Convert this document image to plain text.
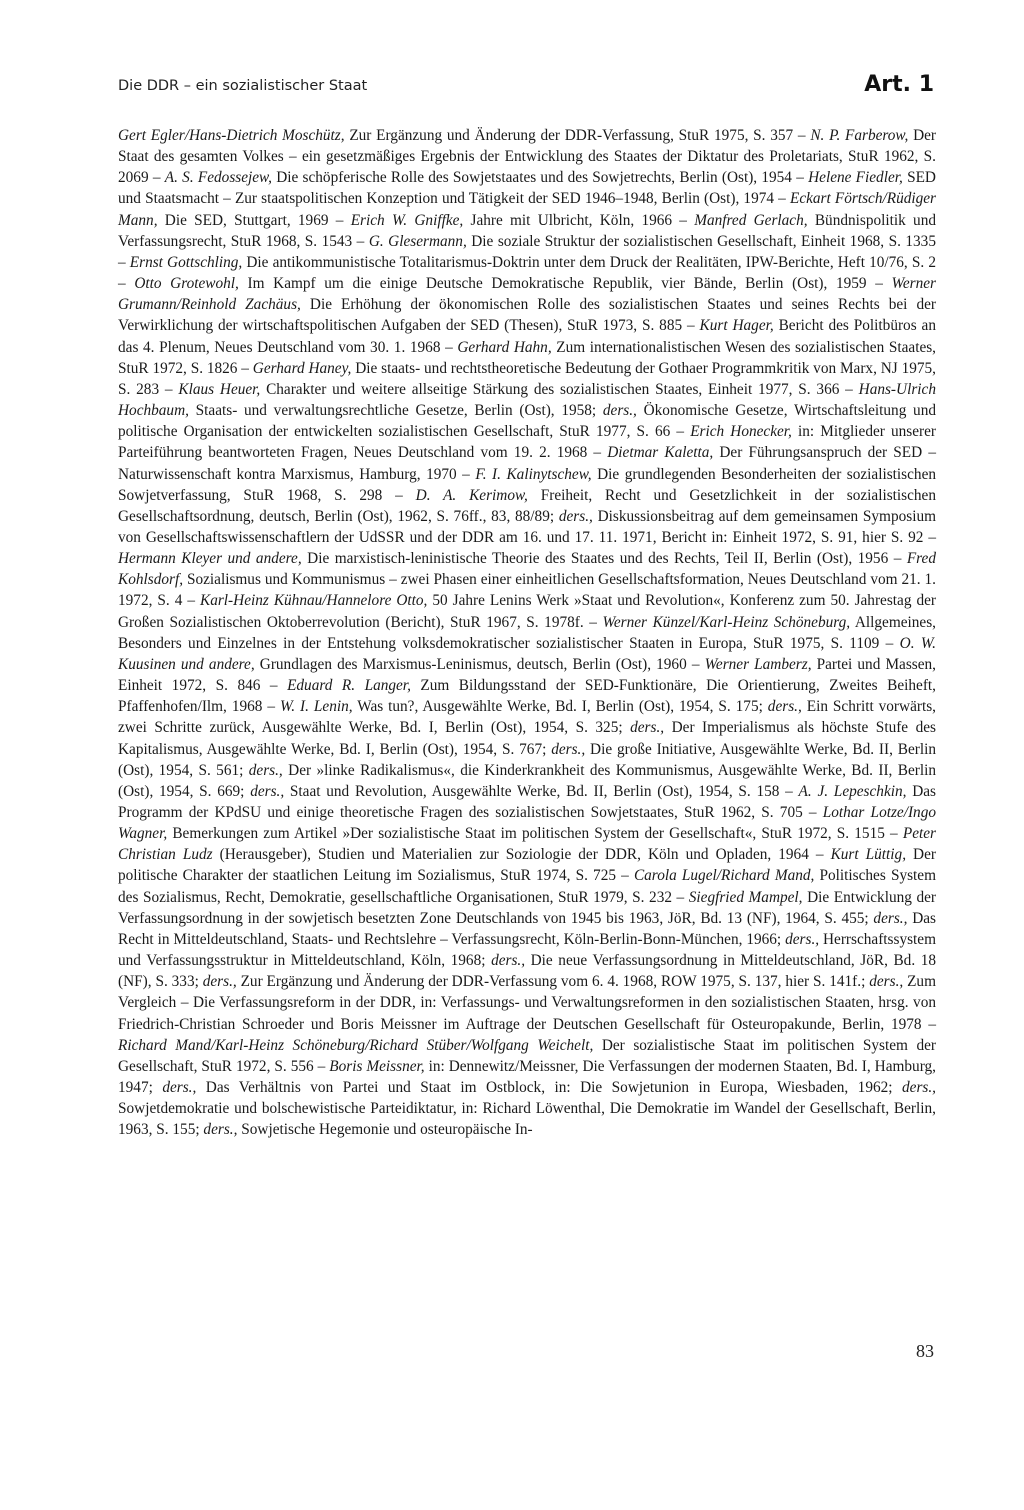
Die DDR – ein sozialistischer Staat	Art. 1
Gert Egler/Hans-Dietrich Moschütz, Zur Ergänzung und Änderung der DDR-Verfassung, StuR 1975, S. 357 – N. P. Farberow, Der Staat des gesamten Volkes – ein gesetzmäßiges Ergebnis der Entwicklung des Staates der Diktatur des Proletariats, StuR 1962, S. 2069 – A. S. Fedossejew, Die schöpferische Rolle des Sowjetstaates und des Sowjetrechts, Berlin (Ost), 1954 – Helene Fiedler, SED und Staatsmacht – Zur staatspolitischen Konzeption und Tätigkeit der SED 1946–1948, Berlin (Ost), 1974 – Eckart Förtsch/Rüdiger Mann, Die SED, Stuttgart, 1969 – Erich W. Gniffke, Jahre mit Ulbricht, Köln, 1966 – Manfred Gerlach, Bündnispolitik und Verfassungsrecht, StuR 1968, S. 1543 – G. Glesermann, Die soziale Struktur der sozialistischen Gesellschaft, Einheit 1968, S. 1335 – Ernst Gottschling, Die antikommunistische Totalitarismus-Doktrin unter dem Druck der Realitäten, IPW-Berichte, Heft 10/76, S. 2 – Otto Grotewohl, Im Kampf um die einige Deutsche Demokratische Republik, vier Bände, Berlin (Ost), 1959 – Werner Grumann/Reinhold Zachäus, Die Erhöhung der ökonomischen Rolle des sozialistischen Staates und seines Rechts bei der Verwirklichung der wirtschaftspolitischen Aufgaben der SED (Thesen), StuR 1973, S. 885 – Kurt Hager, Bericht des Politbüros an das 4. Plenum, Neues Deutschland vom 30. 1. 1968 – Gerhard Hahn, Zum internationalistischen Wesen des sozialistischen Staates, StuR 1972, S. 1826 – Gerhard Haney, Die staats- und rechtstheoretische Bedeutung der Gothaer Programmkritik von Marx, NJ 1975, S. 283 – Klaus Heuer, Charakter und weitere allseitige Stärkung des sozialistischen Staates, Einheit 1977, S. 366 – Hans-Ulrich Hochbaum, Staats- und verwaltungsrechtliche Gesetze, Berlin (Ost), 1958; ders., Ökonomische Gesetze, Wirtschaftsleitung und politische Organisation der entwickelten sozialistischen Gesellschaft, StuR 1977, S. 66 – Erich Honecker, in: Mitglieder unserer Parteiführung beantworteten Fragen, Neues Deutschland vom 19. 2. 1968 – Dietmar Kaletta, Der Führungsanspruch der SED – Naturwissenschaft kontra Marxismus, Hamburg, 1970 – F. I. Kalinytschew, Die grundlegenden Besonderheiten der sozialistischen Sowjetverfassung, StuR 1968, S. 298 – D. A. Kerimow, Freiheit, Recht und Gesetzlichkeit in der sozialistischen Gesellschaftsordnung, deutsch, Berlin (Ost), 1962, S. 76ff., 83, 88/89; ders., Diskussionsbeitrag auf dem gemeinsamen Symposium von Gesellschaftswissenschaftlern der UdSSR und der DDR am 16. und 17. 11. 1971, Bericht in: Einheit 1972, S. 91, hier S. 92 – Hermann Kleyer und andere, Die marxistisch-leninistische Theorie des Staates und des Rechts, Teil II, Berlin (Ost), 1956 – Fred Kohlsdorf, Sozialismus und Kommunismus – zwei Phasen einer einheitlichen Gesellschaftsformation, Neues Deutschland vom 21. 1. 1972, S. 4 – Karl-Heinz Kühnau/Hannelore Otto, 50 Jahre Lenins Werk »Staat und Revolution«, Konferenz zum 50. Jahrestag der Großen Sozialistischen Oktoberrevolution (Bericht), StuR 1967, S. 1978f. – Werner Künzel/Karl-Heinz Schöneburg, Allgemeines, Besonders und Einzelnes in der Entstehung volksdemokratischer sozialistischer Staaten in Europa, StuR 1975, S. 1109 – O. W. Kuusinen und andere, Grundlagen des Marxismus-Leninismus, deutsch, Berlin (Ost), 1960 – Werner Lamberz, Partei und Massen, Einheit 1972, S. 846 – Eduard R. Langer, Zum Bildungsstand der SED-Funktionäre, Die Orientierung, Zweites Beiheft, Pfaffenhofen/Ilm, 1968 – W. I. Lenin, Was tun?, Ausgewählte Werke, Bd. I, Berlin (Ost), 1954, S. 175; ders., Ein Schritt vorwärts, zwei Schritte zurück, Ausgewählte Werke, Bd. I, Berlin (Ost), 1954, S. 325; ders., Der Imperialismus als höchste Stufe des Kapitalismus, Ausgewählte Werke, Bd. I, Berlin (Ost), 1954, S. 767; ders., Die große Initiative, Ausgewählte Werke, Bd. II, Berlin (Ost), 1954, S. 561; ders., Der »linke Radikalismus«, die Kinderkrankheit des Kommunismus, Ausgewählte Werke, Bd. II, Berlin (Ost), 1954, S. 669; ders., Staat und Revolution, Ausgewählte Werke, Bd. II, Berlin (Ost), 1954, S. 158 – A. J. Lepeschkin, Das Programm der KPdSU und einige theoretische Fragen des sozialistischen Sowjetstaates, StuR 1962, S. 705 – Lothar Lotze/Ingo Wagner, Bemerkungen zum Artikel »Der sozialistische Staat im politischen System der Gesellschaft«, StuR 1972, S. 1515 – Peter Christian Ludz (Herausgeber), Studien und Materialien zur Soziologie der DDR, Köln und Opladen, 1964 – Kurt Lüttig, Der politische Charakter der staatlichen Leitung im Sozialismus, StuR 1974, S. 725 – Carola Lugel/Richard Mand, Politisches System des Sozialismus, Recht, Demokratie, gesellschaftliche Organisationen, StuR 1979, S. 232 – Siegfried Mampel, Die Entwicklung der Verfassungsordnung in der sowjetisch besetzten Zone Deutschlands von 1945 bis 1963, JöR, Bd. 13 (NF), 1964, S. 455; ders., Das Recht in Mitteldeutschland, Staats- und Rechtslehre – Verfassungsrecht, Köln-Berlin-Bonn-München, 1966; ders., Herrschaftssystem und Verfassungsstruktur in Mitteldeutschland, Köln, 1968; ders., Die neue Verfassungsordnung in Mitteldeutschland, JöR, Bd. 18 (NF), S. 333; ders., Zur Ergänzung und Änderung der DDR-Verfassung vom 6. 4. 1968, ROW 1975, S. 137, hier S. 141f.; ders., Zum Vergleich – Die Verfassungsreform in der DDR, in: Verfassungs- und Verwaltungsreformen in den sozialistischen Staaten, hrsg. von Friedrich-Christian Schroeder und Boris Meissner im Auftrage der Deutschen Gesellschaft für Osteuropakunde, Berlin, 1978 – Richard Mand/Karl-Heinz Schöneburg/Richard Stüber/Wolfgang Weichelt, Der sozialistische Staat im politischen System der Gesellschaft, StuR 1972, S. 556 – Boris Meissner, in: Dennewitz/Meissner, Die Verfassungen der modernen Staaten, Bd. I, Hamburg, 1947; ders., Das Verhältnis von Partei und Staat im Ostblock, in: Die Sowjetunion in Europa, Wiesbaden, 1962; ders., Sowjetdemokratie und bolschewistische Parteidiktatur, in: Richard Löwenthal, Die Demokratie im Wandel der Gesellschaft, Berlin, 1963, S. 155; ders., Sowjetische Hegemonie und osteuropäische In-
83
